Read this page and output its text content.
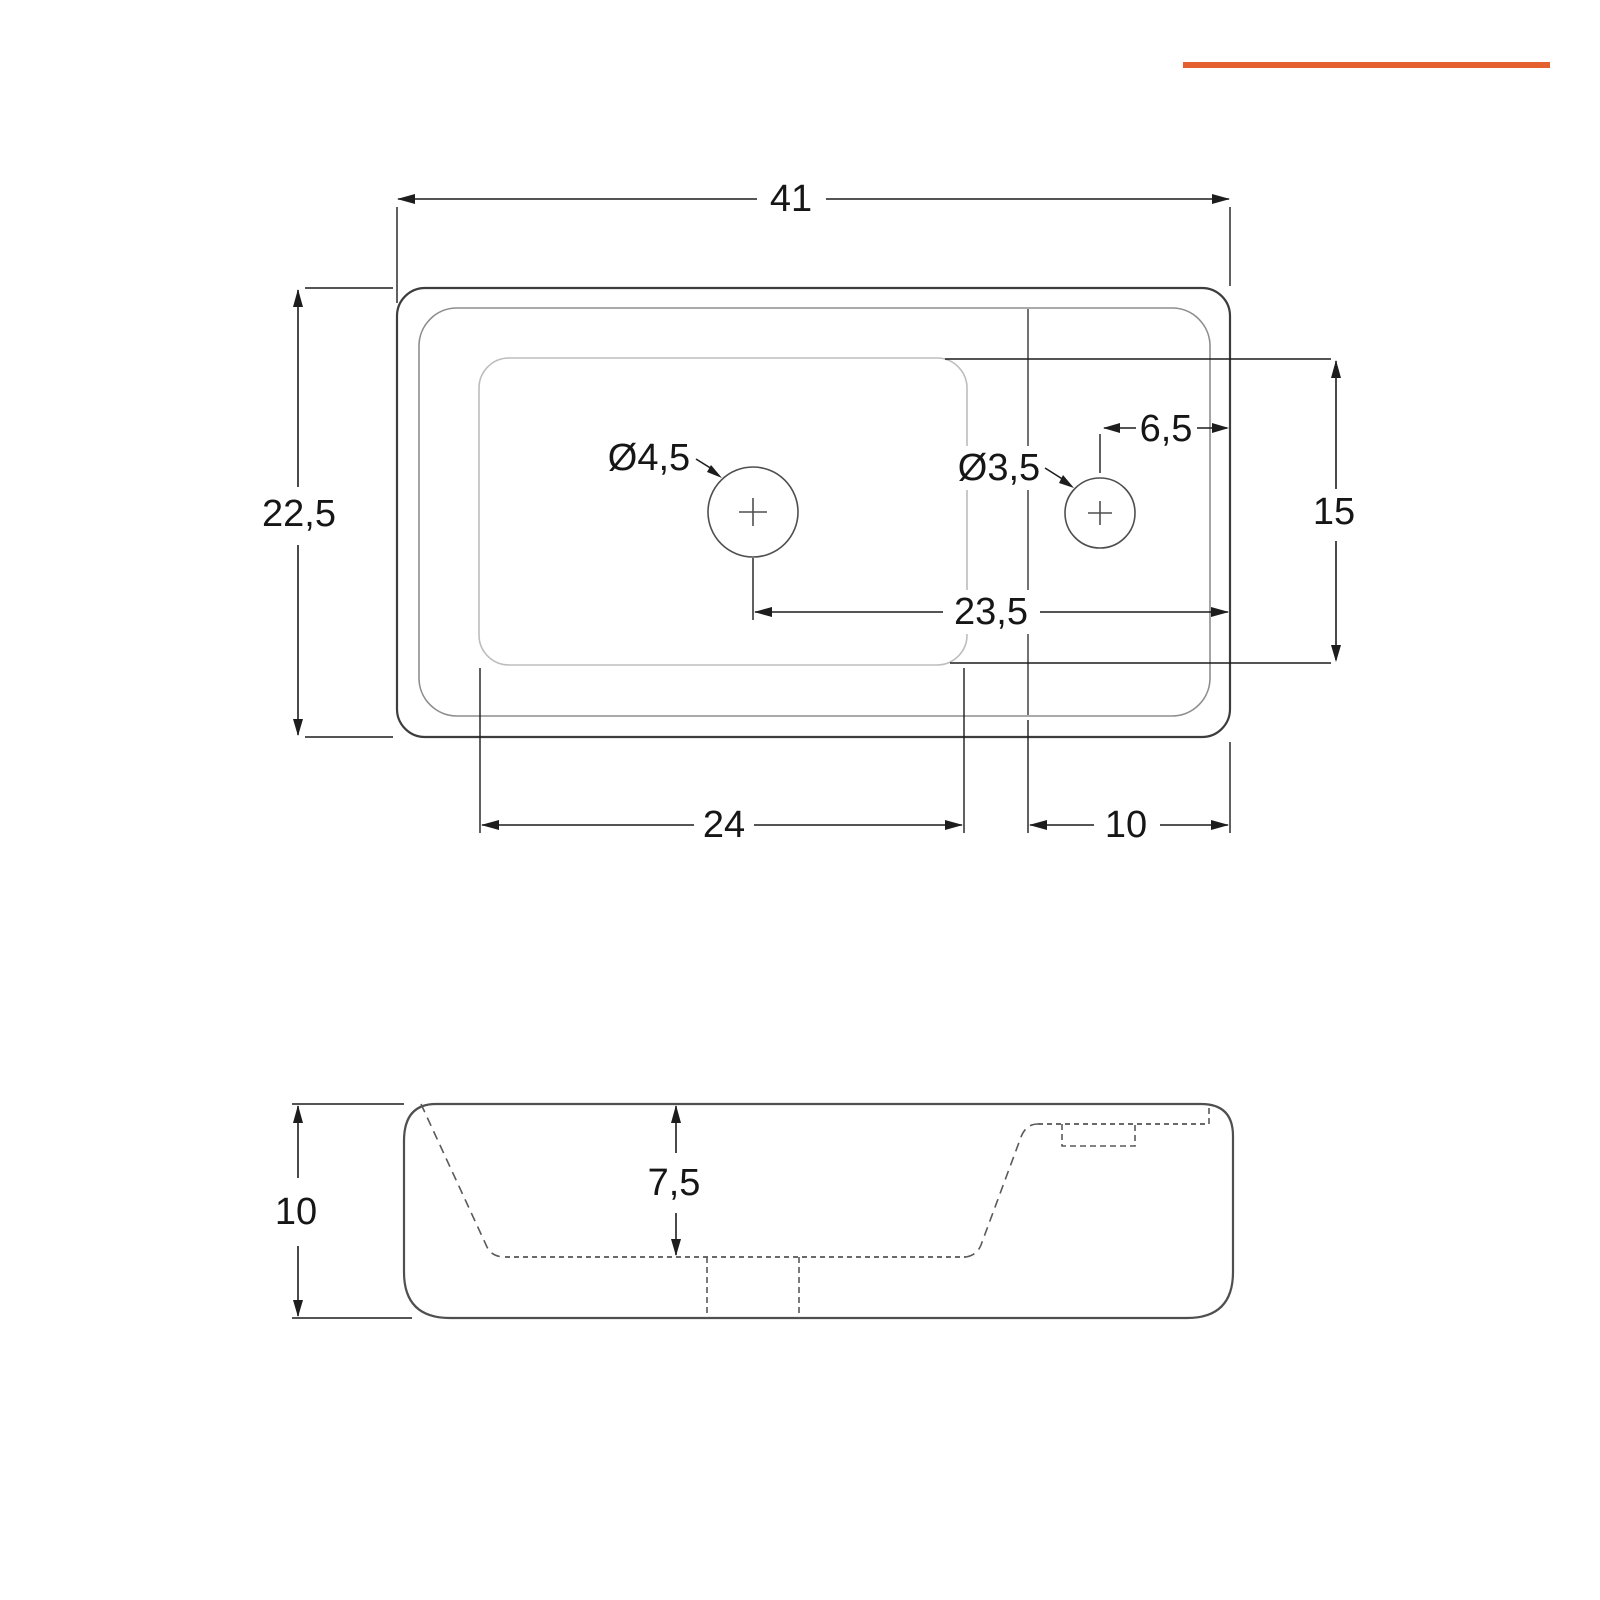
41
22,5
Ø4,5	Ø3,5
6,5
15
23,5
24	10
10
7,5
